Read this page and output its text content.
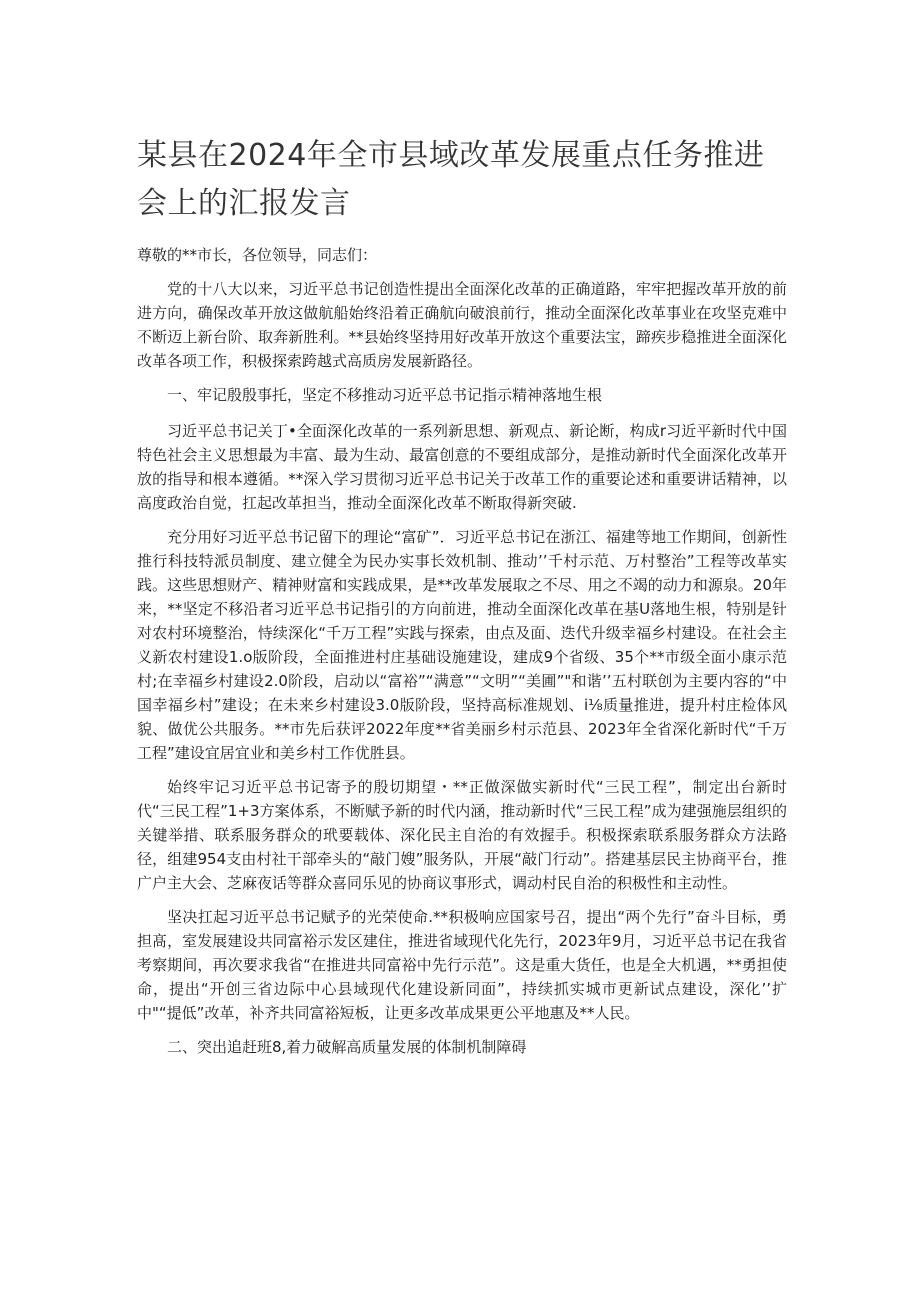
某县在2024年全市县域改革发展重点任务推进会上的汇报发言
尊敬的**市长，各位领导，同志们：

党的十八大以来，习近平总书记创造性提出全面深化改革的正确道路，牢牢把握改革开放的前进方向，确保改革开放这做航船始终沿着正确航向破浪前行，推动全面深化改革事业在攻坚克难中不断迈上新台阶、取奔新胜利。**县始终坚持用好改革开放这个重要法宝，蹄疾步稳推进全面深化改革各项工作，积极探索跨越式高质房发展新路径。

一、牢记殷殷事托，坚定不移推动习近平总书记指示精神落地生根

习近平总书记关丁•全面深化改革的一系列新思想、新观点、新论断，构成r习近平新时代中国特色社会主义思想最为丰富、最为生动、最富创意的不要组成部分，是推动新时代全面深化改革开放的指导和根本遵循。**深入学习贯彻习近平总书记关于改革工作的重要论述和重要讲话精神，以高度政治自觉，扛起改革担当，推动全面深化改革不断取得新突破.

充分用好习近平总书记留下的理论“富矿”．习近平总书记在浙江、福建等地工作期间，创新性推行科技特派员制度、建立健全为民办实事长效机制、推动’’千村示范、万村整治”工程等改革实践。这些思想财产、精神财富和实践成果，是**改革发展取之不尽、用之不竭的动力和源泉。20年来，**坚定不移沿者习近平总书记指引的方向前进，推动全面深化改革在基U落地生根，特别是针对农村环境整治，恃续深化“千万工程”实践与探索，由点及面、迭代升级幸福乡村建设。在社会主义新农村建设1.o版阶段，全面推进村庄基础设施建设，建成9个省级、35个**市级全面小康示范村;在幸福乡村建设2.0阶段，启动以“富裕”“满意”“文明”“美圃”"和谐’’五村联创为主要内容的“中国幸福乡村”建设；在未来乡村建设3.0版阶段，坚持高标准规划、i⅛质量推进，提升村庄检体风貌、做优公共服务。**市先后获评2022年度**省美丽乡村示范县、2023年全省深化新时代“千万工程”建设宜居宜业和美乡村工作优胜县。

始终牢记习近平总书记寄予的殷切期望・**正做深做实新时代“三民工程”，制定出台新时代“三民工程”1+3方案体系，不断赋予新的时代内涵，推动新时代“三民工程”成为建强施层组织的关键举措、联系服务群众的玳要载体、深化民主自治的有效握手。积极探索联系服务群众方法路径，组建954支由村社干部牵头的“敲门嫂”服务队，开展“敲门行动”。搭建基层民主协商平台，推广户主大会、芝麻夜话等群众喜同乐见的协商议事形式，调动村民自治的积极性和主动性。

坚决扛起习近平总书记赋予的光荣使命.**积极响应国家号召，提出“两个先行”奋斗目标，勇担髙，室发展建设共同富裕示发区建住，推进省域现代化先行，2023年9月，习近平总书记在我省考察期间，再次要求我省“在推进共同富裕中先行示范”。这是重大货任，也是全大机遇，**勇担使命，提出“开创三省边际中心县域现代化建设新同面”，持续抓实城市更新试点建设，深化’’扩中"“提低”改革，补齐共同富裕短板，让更多改革成果更公平地惠及**人民。

二、突出追赶班8,着力破解高质量发展的体制机制障碍
